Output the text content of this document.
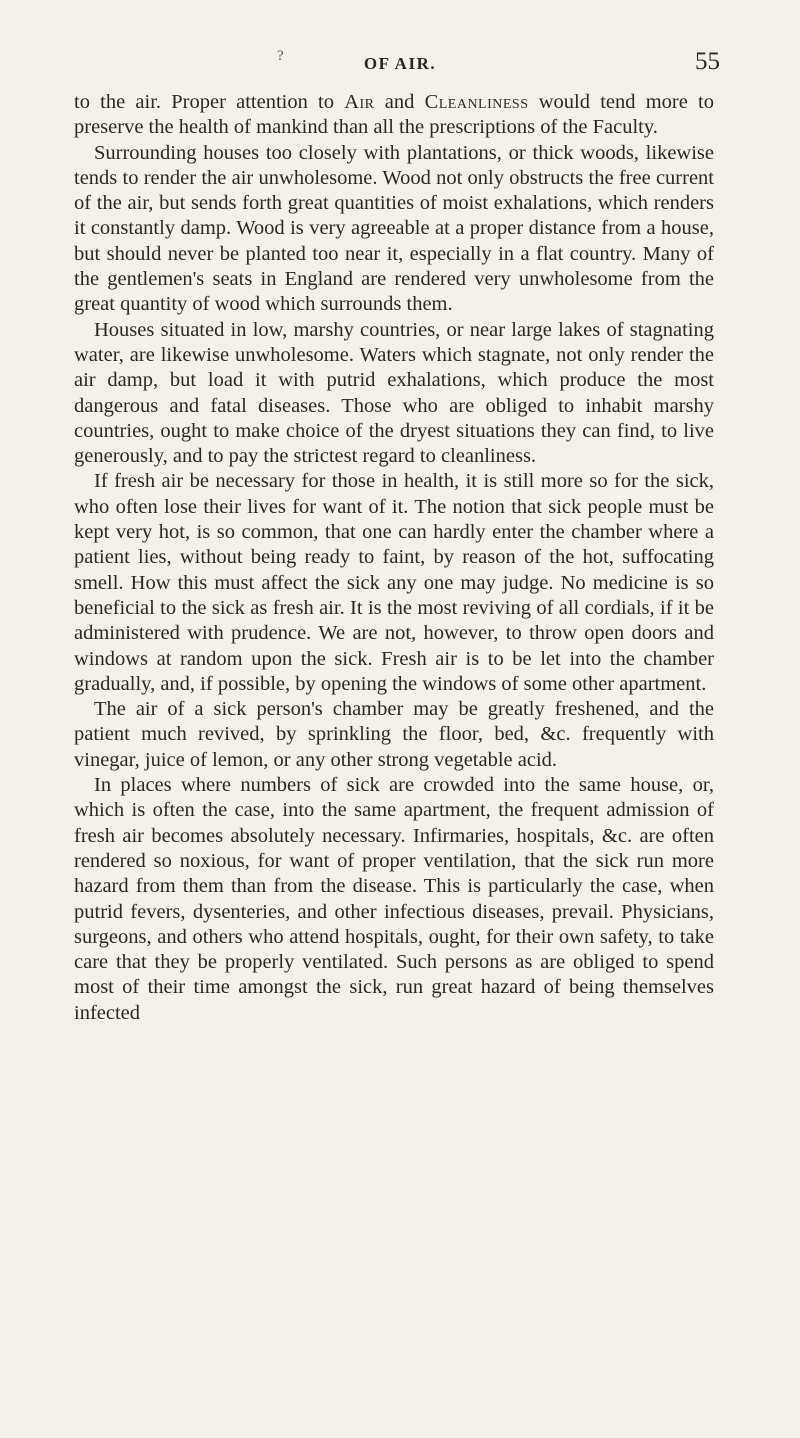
?	OF AIR.	55

to the air. Proper attention to Air and Cleanliness would tend more to preserve the health of mankind than all the prescriptions of the Faculty.

Surrounding houses too closely with plantations, or thick woods, likewise tends to render the air unwholesome. Wood not only obstructs the free current of the air, but sends forth great quantities of moist exhalations, which renders it constantly damp. Wood is very agreeable at a proper distance from a house, but should never be planted too near it, especially in a flat country. Many of the gentlemen's seats in England are rendered very unwholesome from the great quantity of wood which surrounds them.

Houses situated in low, marshy countries, or near large lakes of stagnating water, are likewise unwholesome. Waters which stagnate, not only render the air damp, but load it with putrid exhalations, which produce the most dangerous and fatal diseases. Those who are obliged to inhabit marshy countries, ought to make choice of the dryest situations they can find, to live generously, and to pay the strictest regard to cleanliness.

If fresh air be necessary for those in health, it is still more so for the sick, who often lose their lives for want of it. The notion that sick people must be kept very hot, is so common, that one can hardly enter the chamber where a patient lies, without being ready to faint, by reason of the hot, suffocating smell. How this must affect the sick any one may judge. No medicine is so beneficial to the sick as fresh air. It is the most reviving of all cordials, if it be administered with prudence. We are not, however, to throw open doors and windows at random upon the sick. Fresh air is to be let into the chamber gradually, and, if possible, by opening the windows of some other apartment.

The air of a sick person's chamber may be greatly freshened, and the patient much revived, by sprinkling the floor, bed, &c. frequently with vinegar, juice of lemon, or any other strong vegetable acid.

In places where numbers of sick are crowded into the same house, or, which is often the case, into the same apartment, the frequent admission of fresh air becomes absolutely necessary. Infirmaries, hospitals, &c. are often rendered so noxious, for want of proper ventilation, that the sick run more hazard from them than from the disease. This is particularly the case, when putrid fevers, dysenteries, and other infectious diseases, prevail. Physicians, surgeons, and others who attend hospitals, ought, for their own safety, to take care that they be properly ventilated. Such persons as are obliged to spend most of their time amongst the sick, run great hazard of being themselves infected
